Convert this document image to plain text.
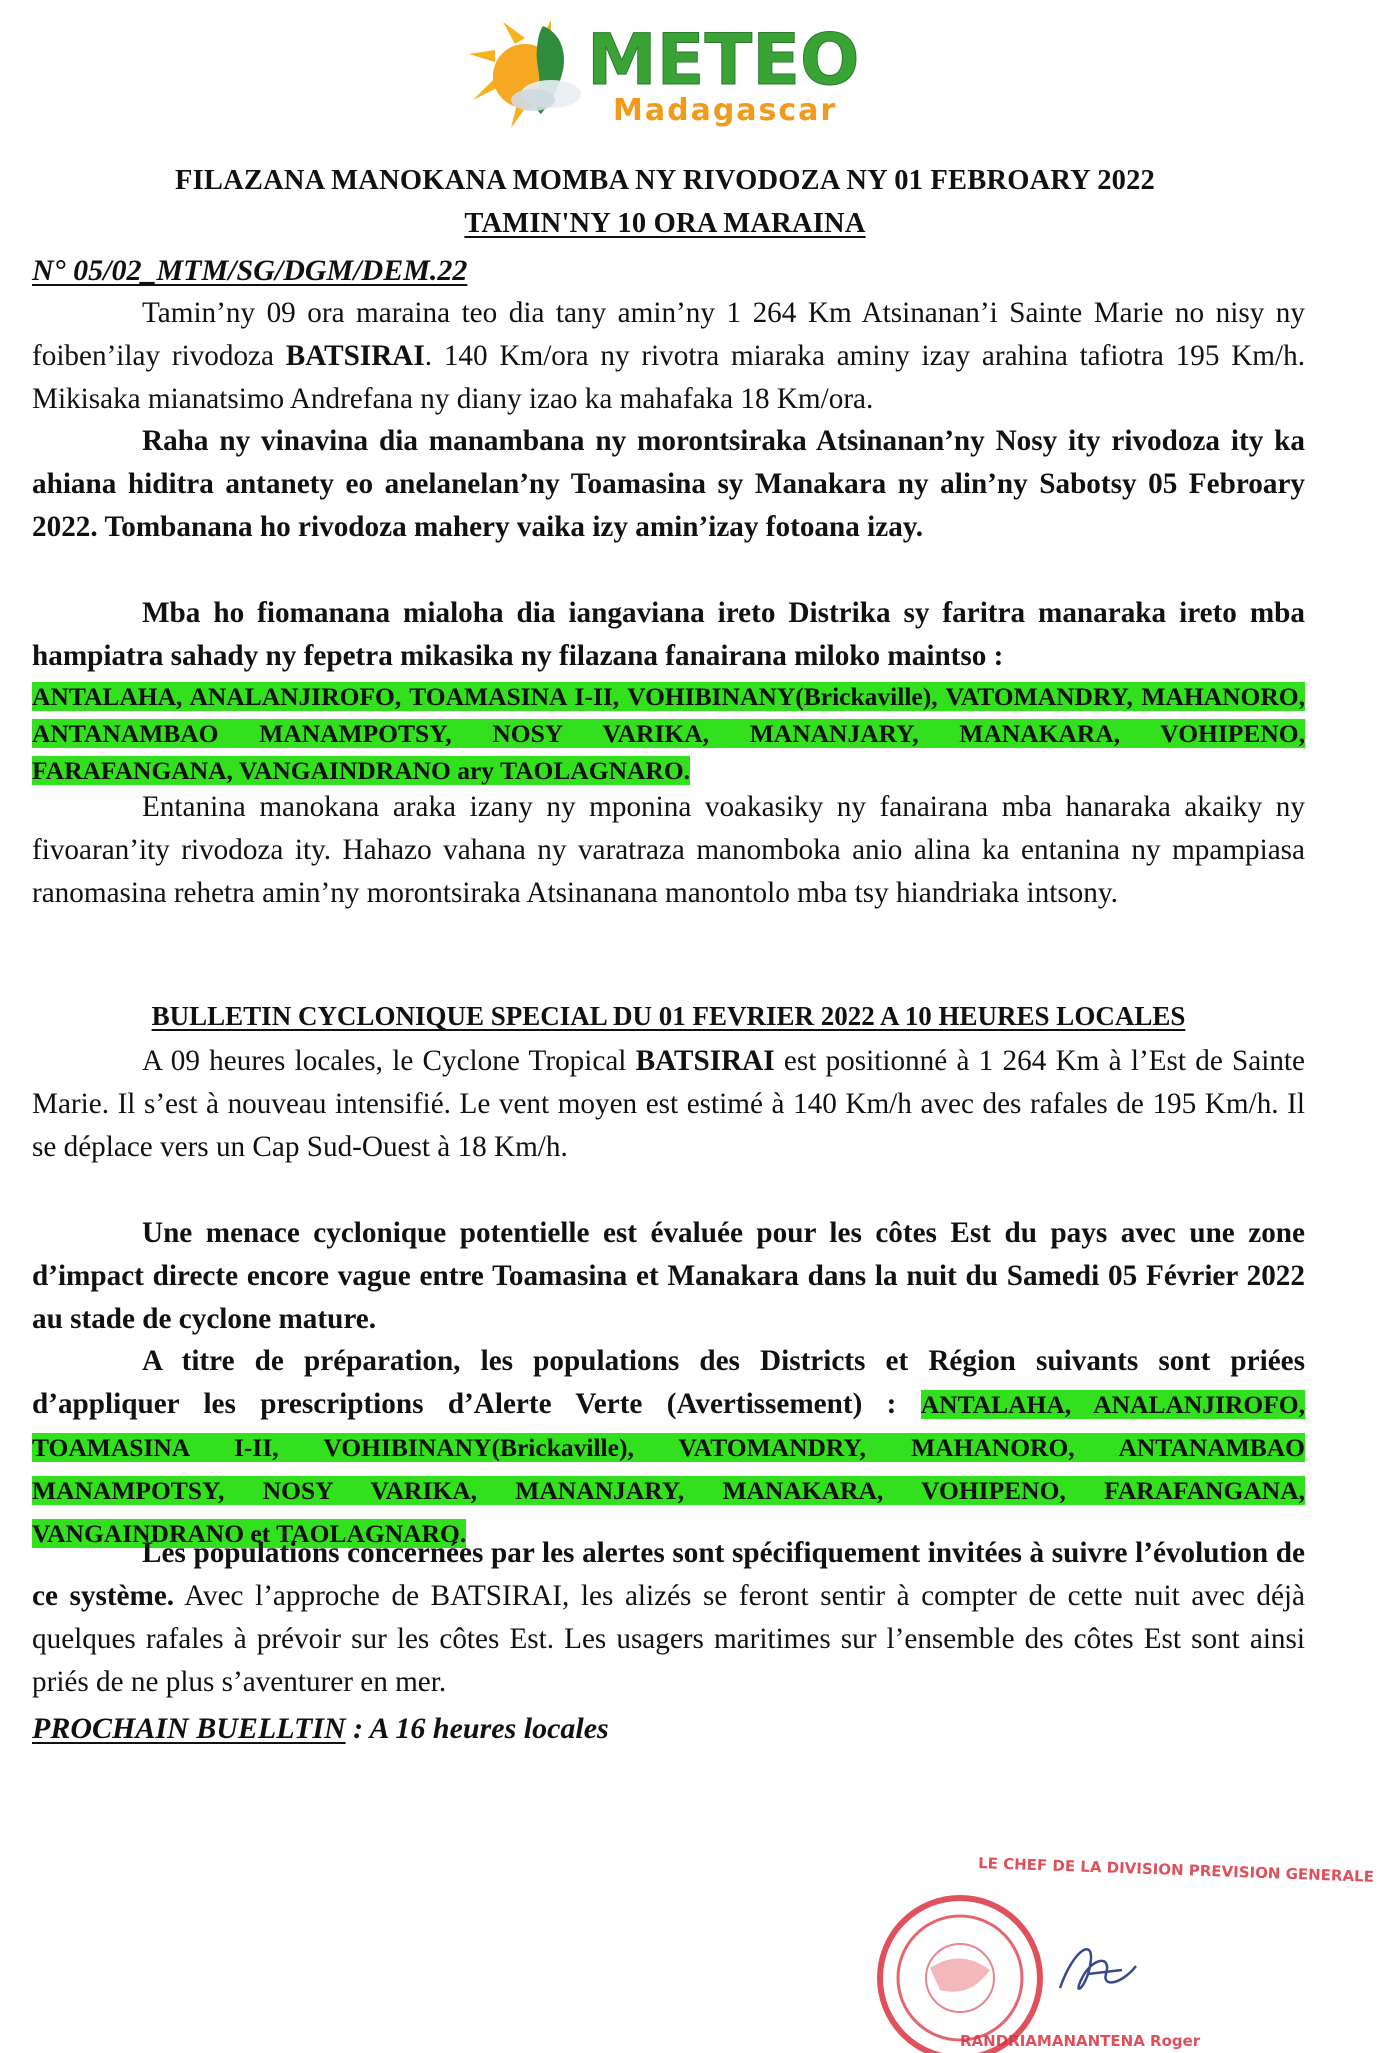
METEO
Madagascar
FILAZANA MANOKANA MOMBA NY RIVODOZA NY 01 FEBROARY 2022
TAMIN'NY 10 ORA MARAINA
N° 05/02_MTM/SG/DGM/DEM.22
Tamin’ny 09 ora maraina teo dia tany amin’ny 1 264 Km Atsinanan’i Sainte Marie no nisy ny foiben’ilay rivodoza BATSIRAI. 140 Km/ora ny rivotra miaraka aminy izay arahina tafiotra 195 Km/h. Mikisaka mianatsimo Andrefana ny diany izao ka mahafaka 18 Km/ora.
Raha ny vinavina dia manambana ny morontsiraka Atsinanan’ny Nosy ity rivodoza ity ka ahiana hiditra antanety eo anelanelan’ny Toamasina sy Manakara ny alin’ny Sabotsy 05 Febroary 2022. Tombanana ho rivodoza mahery vaika izy amin’izay fotoana izay.
Mba ho fiomanana mialoha dia iangaviana ireto Distrika sy faritra manaraka ireto mba hampiatra sahady ny fepetra mikasika ny filazana fanairana miloko maintso :
ANTALAHA, ANALANJIROFO, TOAMASINA I-II, VOHIBINANY(Brickaville), VATOMANDRY, MAHANORO, ANTANAMBAO MANAMPOTSY, NOSY VARIKA, MANANJARY, MANAKARA, VOHIPENO, FARAFANGANA, VANGAINDRANO ary TAOLAGNARO.
Entanina manokana araka izany ny mponina voakasiky ny fanairana mba hanaraka akaiky ny fivoaran’ity rivodoza ity. Hahazo vahana ny varatraza manomboka anio alina ka entanina ny mpampiasa ranomasina rehetra amin’ny morontsiraka Atsinanana manontolo mba tsy hiandriaka intsony.
BULLETIN CYCLONIQUE SPECIAL DU 01 FEVRIER 2022 A 10 HEURES LOCALES
A 09 heures locales, le Cyclone Tropical BATSIRAI est positionné à 1 264 Km à l’Est de Sainte Marie. Il s’est à nouveau intensifié. Le vent moyen est estimé à 140 Km/h avec des rafales de 195 Km/h. Il se déplace vers un Cap Sud-Ouest à 18 Km/h.
Une menace cyclonique potentielle est évaluée pour les côtes Est du pays avec une zone d’impact directe encore vague entre Toamasina et Manakara dans la nuit du Samedi 05 Février 2022 au stade de cyclone mature.
A titre de préparation, les populations des Districts et Région suivants sont priées d’appliquer les prescriptions d’Alerte Verte (Avertissement) : ANTALAHA, ANALANJIROFO, TOAMASINA I-II, VOHIBINANY(Brickaville), VATOMANDRY, MAHANORO, ANTANAMBAO MANAMPOTSY, NOSY VARIKA, MANANJARY, MANAKARA, VOHIPENO, FARAFANGANA, VANGAINDRANO et TAOLAGNARO.
Les populations concernées par les alertes sont spécifiquement invitées à suivre l’évolution de ce système. Avec l’approche de BATSIRAI, les alizés se feront sentir à compter de cette nuit avec déjà quelques rafales à prévoir sur les côtes Est. Les usagers maritimes sur l’ensemble des côtes Est sont ainsi priés de ne plus s’aventurer en mer.
PROCHAIN BUELLTIN : A 16 heures locales
LE CHEF DE LA DIVISION PREVISION GENERALE
RANDRIAMANANTENA Roger
